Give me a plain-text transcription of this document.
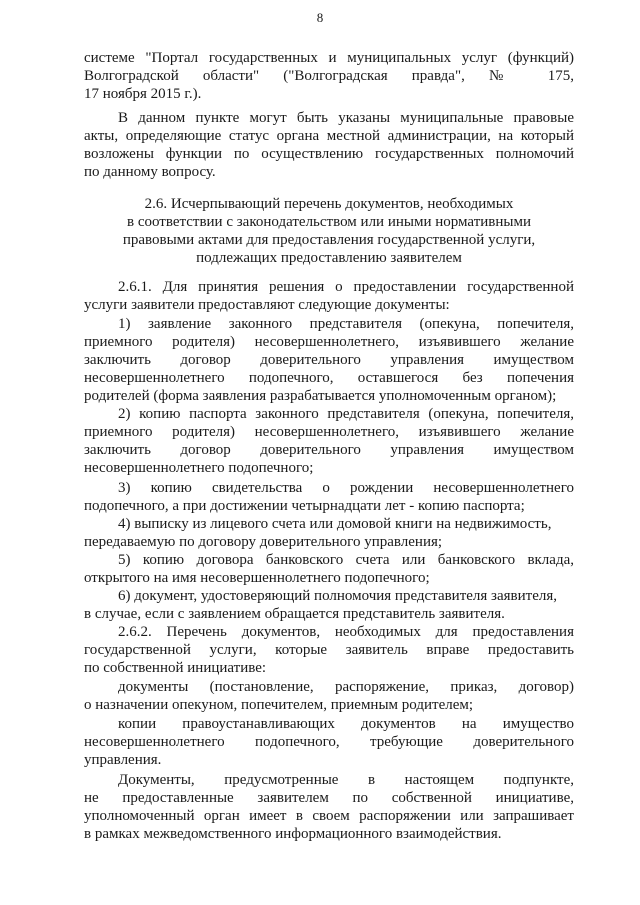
8
системе "Портал государственных и муниципальных услуг (функций)
Волгоградской области" ("Волгоградская правда", № 175,
17 ноября 2015 г.).
В данном пункте могут быть указаны муниципальные правовые
акты, определяющие статус органа местной администрации, на который
возложены функции по осуществлению государственных полномочий
по данному вопросу.
2.6. Исчерпывающий перечень документов, необходимых
в соответствии с законодательством или иными нормативными
правовыми актами для предоставления государственной услуги,
подлежащих предоставлению заявителем
2.6.1. Для принятия решения о предоставлении государственной
услуги заявители предоставляют следующие документы:
1) заявление законного представителя (опекуна, попечителя,
приемного родителя) несовершеннолетнего, изъявившего желание
заключить договор доверительного управления имуществом
несовершеннолетнего подопечного, оставшегося без попечения
родителей (форма заявления разрабатывается уполномоченным органом);
2) копию паспорта законного представителя (опекуна, попечителя,
приемного родителя) несовершеннолетнего, изъявившего желание
заключить договор доверительного управления имуществом
несовершеннолетнего подопечного;
3) копию свидетельства о рождении несовершеннолетнего
подопечного, а при достижении четырнадцати лет - копию паспорта;
4) выписку из лицевого счета или домовой книги на недвижимость,
передаваемую по договору доверительного управления;
5) копию договора банковского счета или банковского вклада,
открытого на имя несовершеннолетнего подопечного;
6) документ, удостоверяющий полномочия представителя заявителя,
в случае, если с заявлением обращается представитель заявителя.
2.6.2. Перечень документов, необходимых для предоставления
государственной услуги, которые заявитель вправе предоставить
по собственной инициативе:
документы (постановление, распоряжение, приказ, договор)
о назначении опекуном, попечителем, приемным родителем;
копии правоустанавливающих документов на имущество
несовершеннолетнего подопечного, требующие доверительного
управления.
Документы, предусмотренные в настоящем подпункте,
не предоставленные заявителем по собственной инициативе,
уполномоченный орган имеет в своем распоряжении или запрашивает
в рамках межведомственного информационного взаимодействия.
